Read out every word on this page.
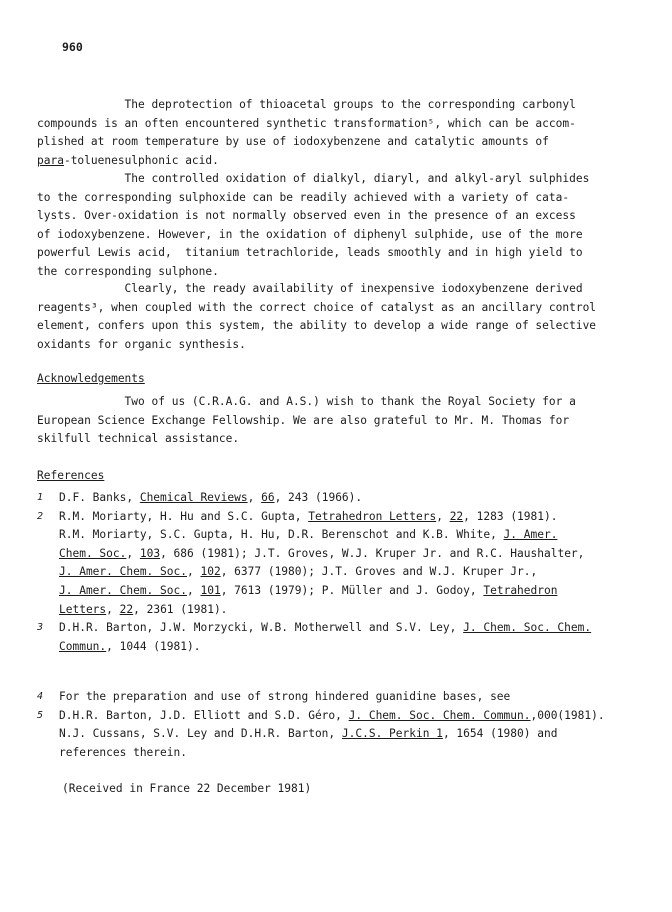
960
The deprotection of thioacetal groups to the corresponding carbonyl
compounds is an often encountered synthetic transformation⁵, which can be accom-
plished at room temperature by use of iodoxybenzene and catalytic amounts of
para-toluenesulphonic acid.
The controlled oxidation of dialkyl, diaryl, and alkyl-aryl sulphides
to the corresponding sulphoxide can be readily achieved with a variety of cata-
lysts. Over-oxidation is not normally observed even in the presence of an excess
of iodoxybenzene. However, in the oxidation of diphenyl sulphide, use of the more
powerful Lewis acid,  titanium tetrachloride, leads smoothly and in high yield to
the corresponding sulphone.
Clearly, the ready availability of inexpensive iodoxybenzene derived
reagents³, when coupled with the correct choice of catalyst as an ancillary control
element, confers upon this system, the ability to develop a wide range of selective
oxidants for organic synthesis.
Acknowledgements
Two of us (C.R.A.G. and A.S.) wish to thank the Royal Society for a
European Science Exchange Fellowship. We are also grateful to Mr. M. Thomas for
skilfull technical assistance.
References
1 D.F. Banks, Chemical Reviews, 66, 243 (1966).
2 R.M. Moriarty, H. Hu and S.C. Gupta, Tetrahedron Letters, 22, 1283 (1981).
R.M. Moriarty, S.C. Gupta, H. Hu, D.R. Berenschot and K.B. White, J. Amer.
Chem. Soc., 103, 686 (1981); J.T. Groves, W.J. Kruper Jr. and R.C. Haushalter,
J. Amer. Chem. Soc., 102, 6377 (1980); J.T. Groves and W.J. Kruper Jr.,
J. Amer. Chem. Soc., 101, 7613 (1979); P. Müller and J. Godoy, Tetrahedron
Letters, 22, 2361 (1981).
3 D.H.R. Barton, J.W. Morzycki, W.B. Motherwell and S.V. Ley, J. Chem. Soc. Chem.
Commun., 1044 (1981).
4 For the preparation and use of strong hindered guanidine bases, see
5 D.H.R. Barton, J.D. Elliott and S.D. Géro, J. Chem. Soc. Chem. Commun.,000(1981).
N.J. Cussans, S.V. Ley and D.H.R. Barton, J.C.S. Perkin 1, 1654 (1980) and
references therein.
(Received in France 22 December 1981)
